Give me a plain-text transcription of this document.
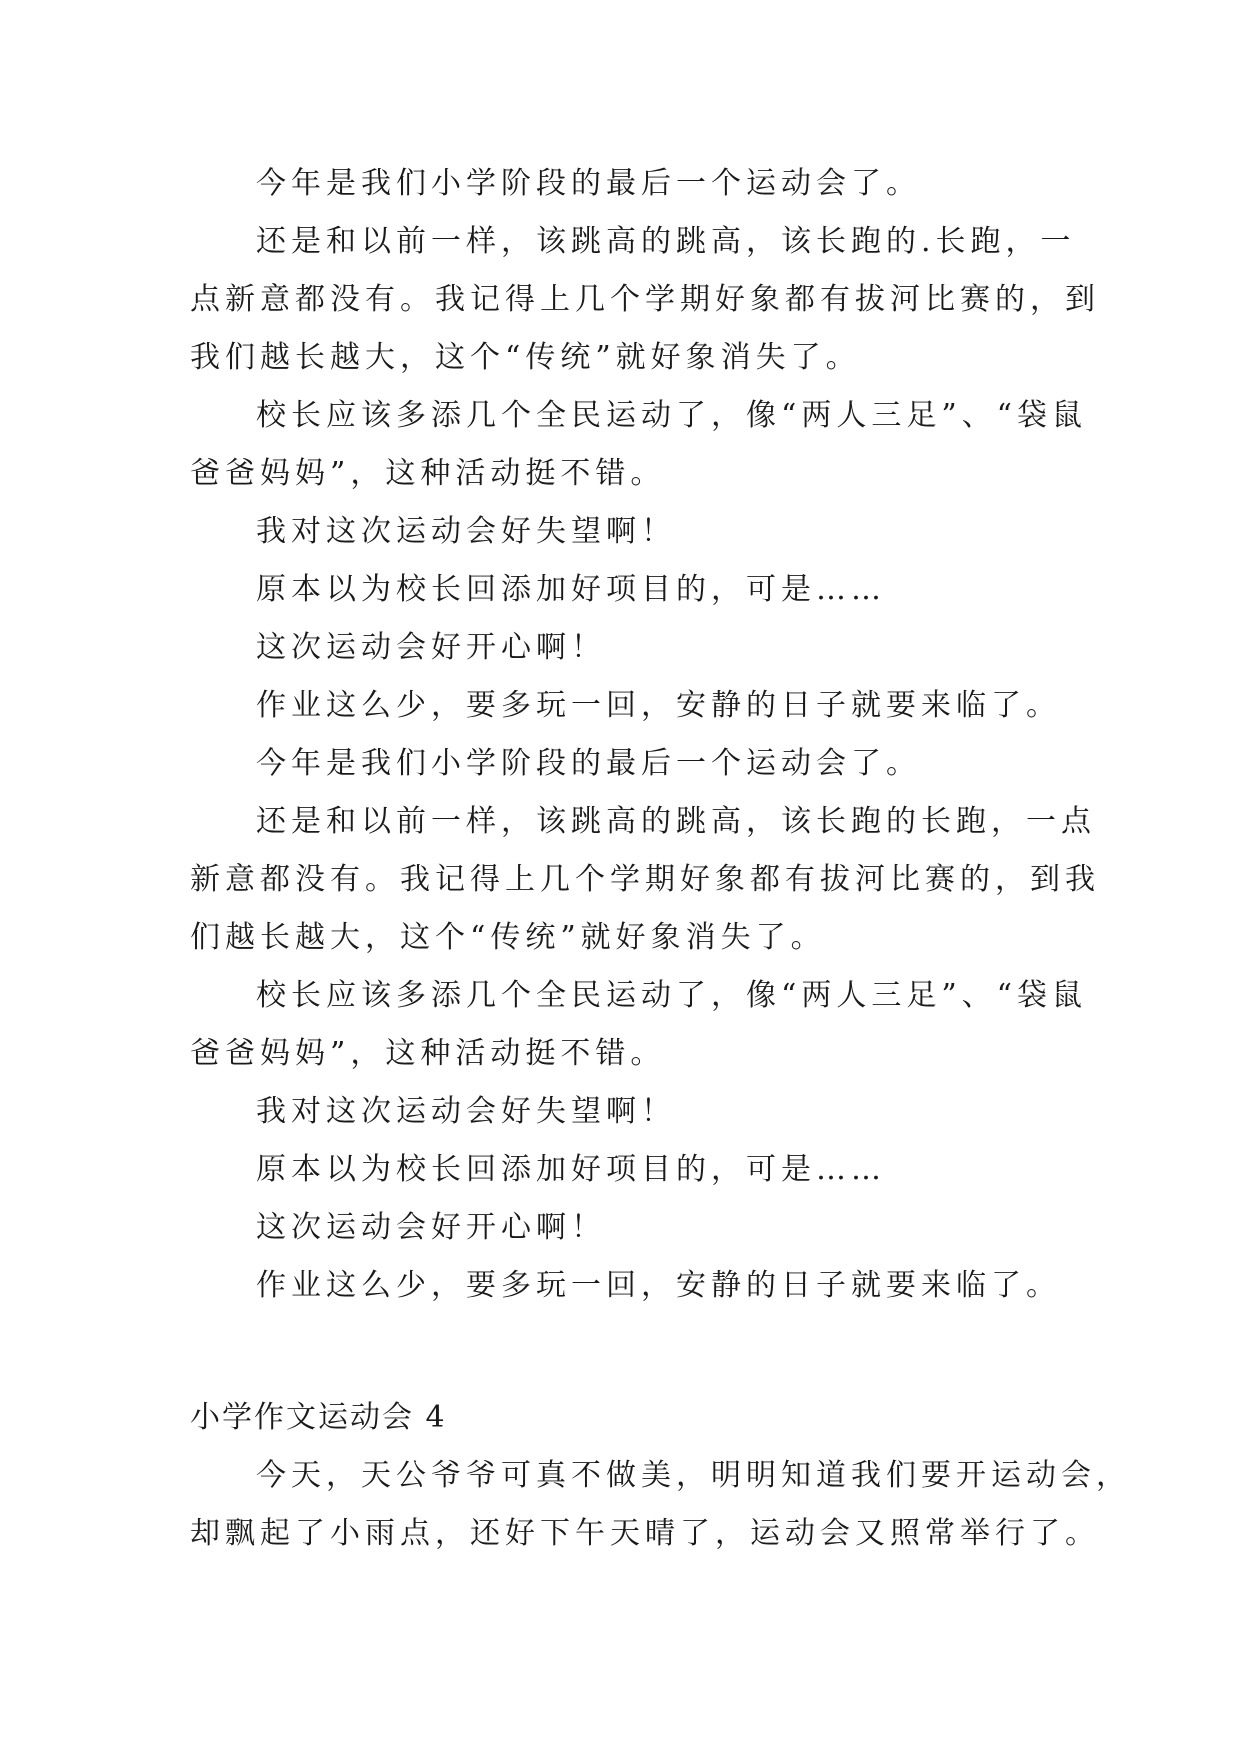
今年是我们小学阶段的最后一个运动会了。
还是和以前一样，该跳高的跳高，该长跑的.长跑，一
点新意都没有。我记得上几个学期好象都有拔河比赛的，到
我们越长越大，这个“传统”就好象消失了。
校长应该多添几个全民运动了，像“两人三足”、“袋鼠
爸爸妈妈”，这种活动挺不错。
我对这次运动会好失望啊！
原本以为校长回添加好项目的，可是……
这次运动会好开心啊！
作业这么少，要多玩一回，安静的日子就要来临了。
今年是我们小学阶段的最后一个运动会了。
还是和以前一样，该跳高的跳高，该长跑的长跑，一点
新意都没有。我记得上几个学期好象都有拔河比赛的，到我
们越长越大，这个“传统”就好象消失了。
校长应该多添几个全民运动了，像“两人三足”、“袋鼠
爸爸妈妈”，这种活动挺不错。
我对这次运动会好失望啊！
原本以为校长回添加好项目的，可是……
这次运动会好开心啊！
作业这么少，要多玩一回，安静的日子就要来临了。
小学作文运动会 4
今天，天公爷爷可真不做美，明明知道我们要开运动会，
却飘起了小雨点，还好下午天晴了，运动会又照常举行了。
